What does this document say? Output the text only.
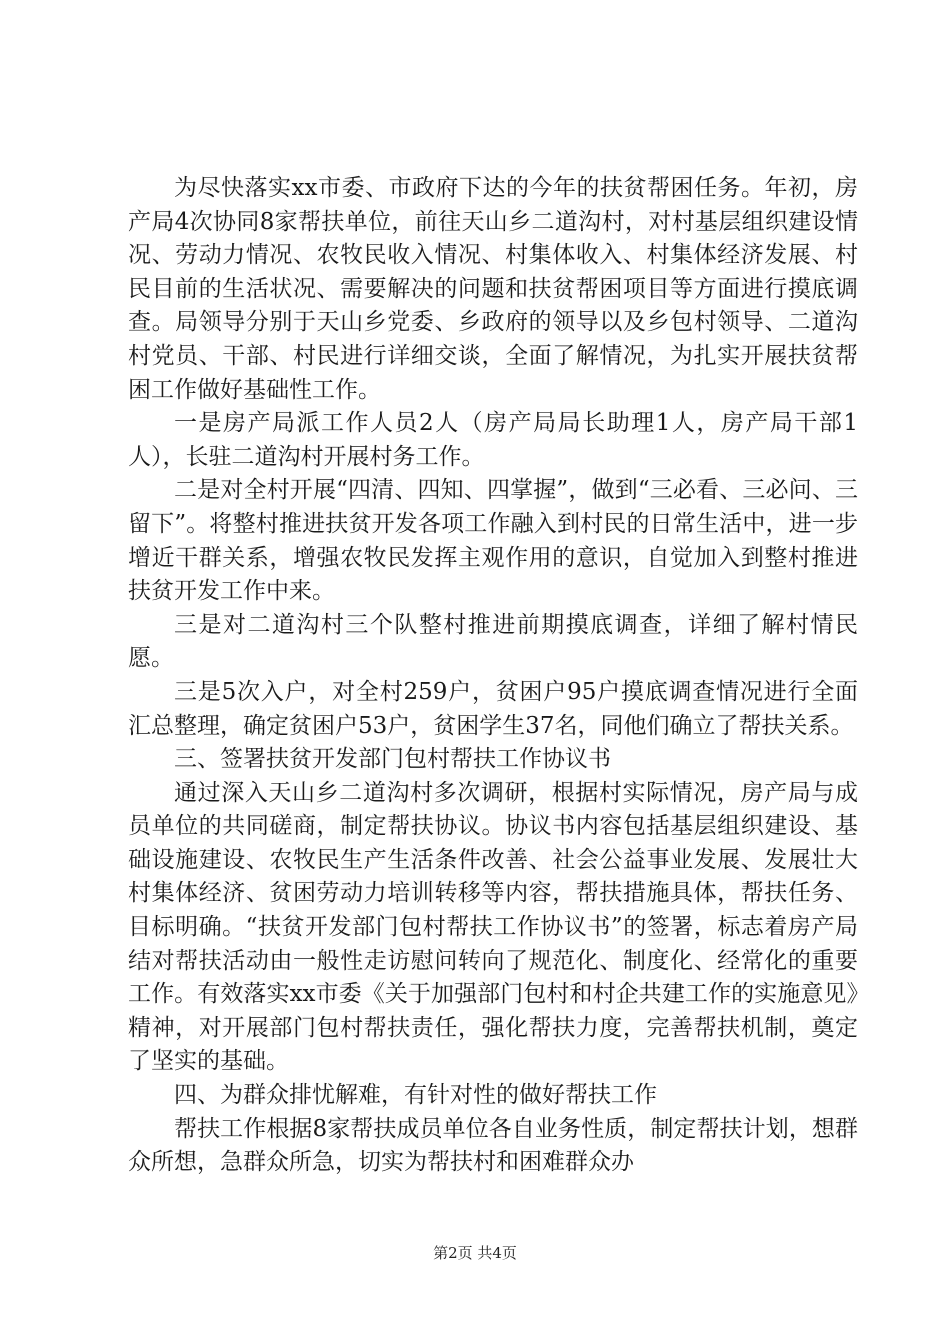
为尽快落实xx市委、市政府下达的今年的扶贫帮困任务。年初，房产局4次协同8家帮扶单位，前往天山乡二道沟村，对村基层组织建设情况、劳动力情况、农牧民收入情况、村集体收入、村集体经济发展、村民目前的生活状况、需要解决的问题和扶贫帮困项目等方面进行摸底调查。局领导分别于天山乡党委、乡政府的领导以及乡包村领导、二道沟村党员、干部、村民进行详细交谈，全面了解情况，为扎实开展扶贫帮困工作做好基础性工作。

一是房产局派工作人员2人（房产局局长助理1人，房产局干部1人），长驻二道沟村开展村务工作。

二是对全村开展“四清、四知、四掌握”，做到“三必看、三必问、三留下”。将整村推进扶贫开发各项工作融入到村民的日常生活中，进一步增近干群关系，增强农牧民发挥主观作用的意识，自觉加入到整村推进扶贫开发工作中来。

三是对二道沟村三个队整村推进前期摸底调查，详细了解村情民愿。

三是5次入户，对全村259户，贫困户95户摸底调查情况进行全面汇总整理，确定贫困户53户，贫困学生37名，同他们确立了帮扶关系。

三、签署扶贫开发部门包村帮扶工作协议书

通过深入天山乡二道沟村多次调研，根据村实际情况，房产局与成员单位的共同磋商，制定帮扶协议。协议书内容包括基层组织建设、基础设施建设、农牧民生产生活条件改善、社会公益事业发展、发展壮大村集体经济、贫困劳动力培训转移等内容，帮扶措施具体，帮扶任务、目标明确。“扶贫开发部门包村帮扶工作协议书”的签署，标志着房产局结对帮扶活动由一般性走访慰问转向了规范化、制度化、经常化的重要工作。有效落实xx市委《关于加强部门包村和村企共建工作的实施意见》精神，对开展部门包村帮扶责任，强化帮扶力度，完善帮扶机制，奠定了坚实的基础。

四、为群众排忧解难，有针对性的做好帮扶工作

帮扶工作根据8家帮扶成员单位各自业务性质，制定帮扶计划，想群众所想，急群众所急，切实为帮扶村和困难群众办

第2页 共4页
